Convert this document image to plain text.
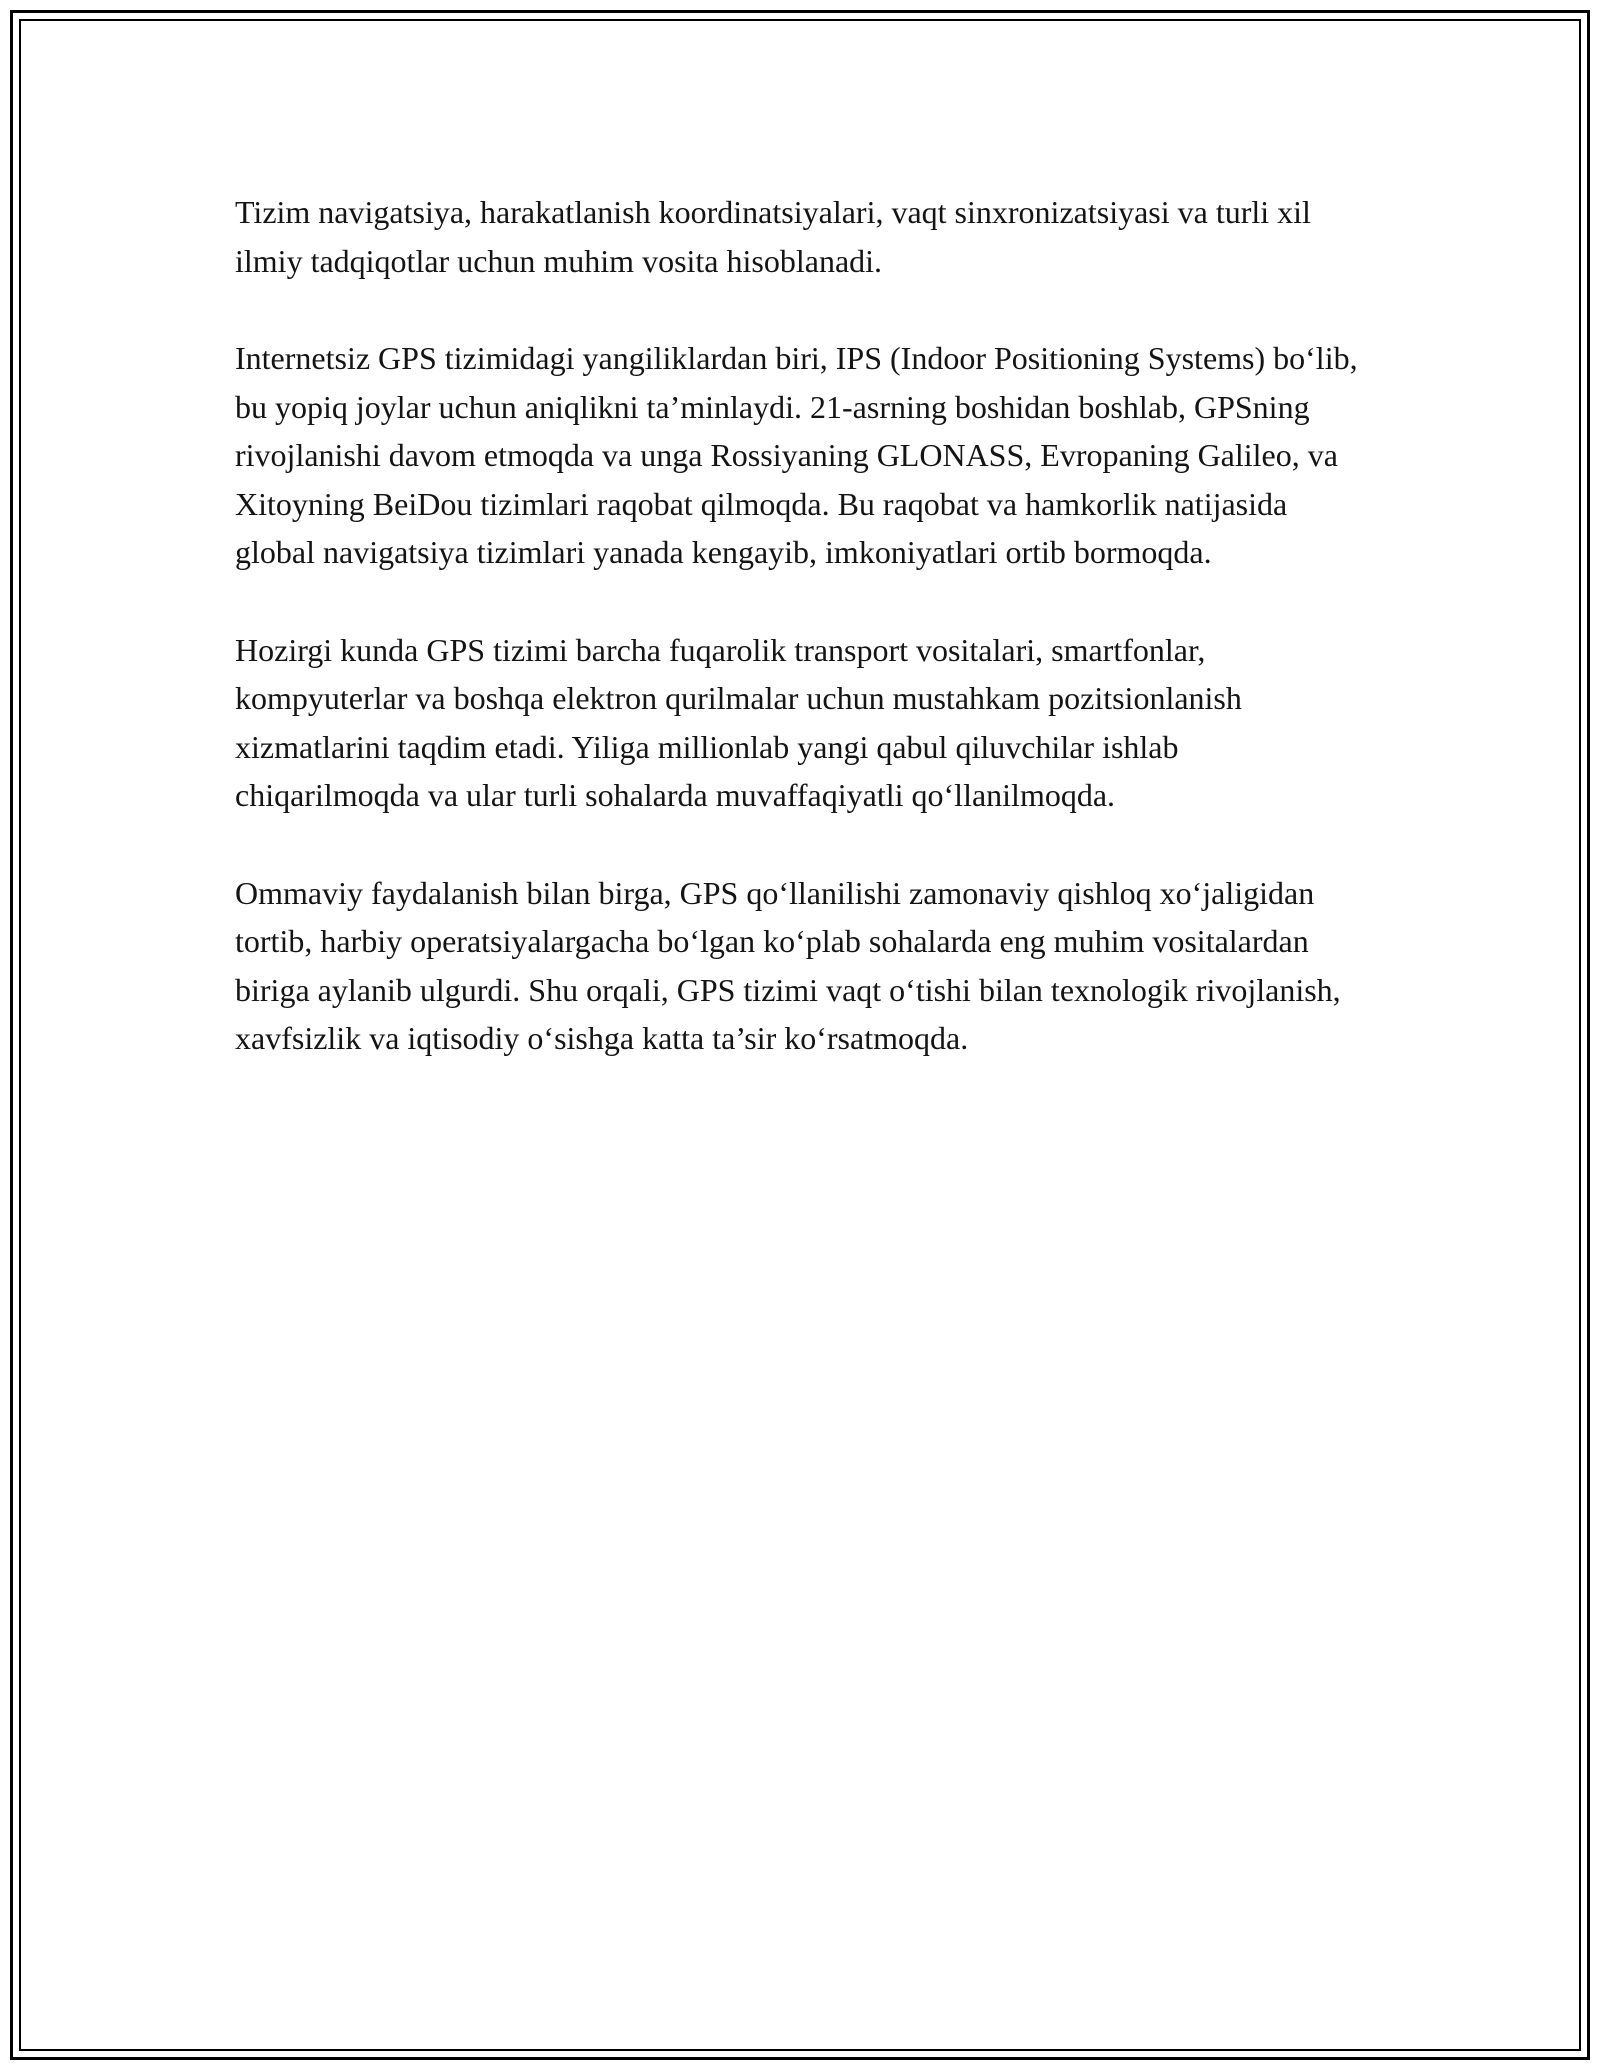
Tizim navigatsiya, harakatlanish koordinatsiyalari, vaqt sinxronizatsiyasi va turli xil ilmiy tadqiqotlar uchun muhim vosita hisoblanadi.

Internetsiz GPS tizimidagi yangiliklardan biri, IPS (Indoor Positioning Systems) bo‘lib, bu yopiq joylar uchun aniqlikni ta’minlaydi. 21-asrning boshidan boshlab, GPSning rivojlanishi davom etmoqda va unga Rossiyaning GLONASS, Evropaning Galileo, va Xitoyning BeiDou tizimlari raqobat qilmoqda. Bu raqobat va hamkorlik natijasida global navigatsiya tizimlari yanada kengayib, imkoniyatlari ortib bormoqda.

Hozirgi kunda GPS tizimi barcha fuqarolik transport vositalari, smartfonlar, kompyuterlar va boshqa elektron qurilmalar uchun mustahkam pozitsionlanish xizmatlarini taqdim etadi. Yiliga millionlab yangi qabul qiluvchilar ishlab chiqarilmoqda va ular turli sohalarda muvaffaqiyatli qo‘llanilmoqda.

Ommaviy faydalanish bilan birga, GPS qo‘llanilishi zamonaviy qishloq xo‘jaligidan tortib, harbiy operatsiyalargacha bo‘lgan ko‘plab sohalarda eng muhim vositalardan biriga aylanib ulgurdi. Shu orqali, GPS tizimi vaqt o‘tishi bilan texnologik rivojlanish, xavfsizlik va iqtisodiy o‘sishga katta ta’sir ko‘rsatmoqda.
